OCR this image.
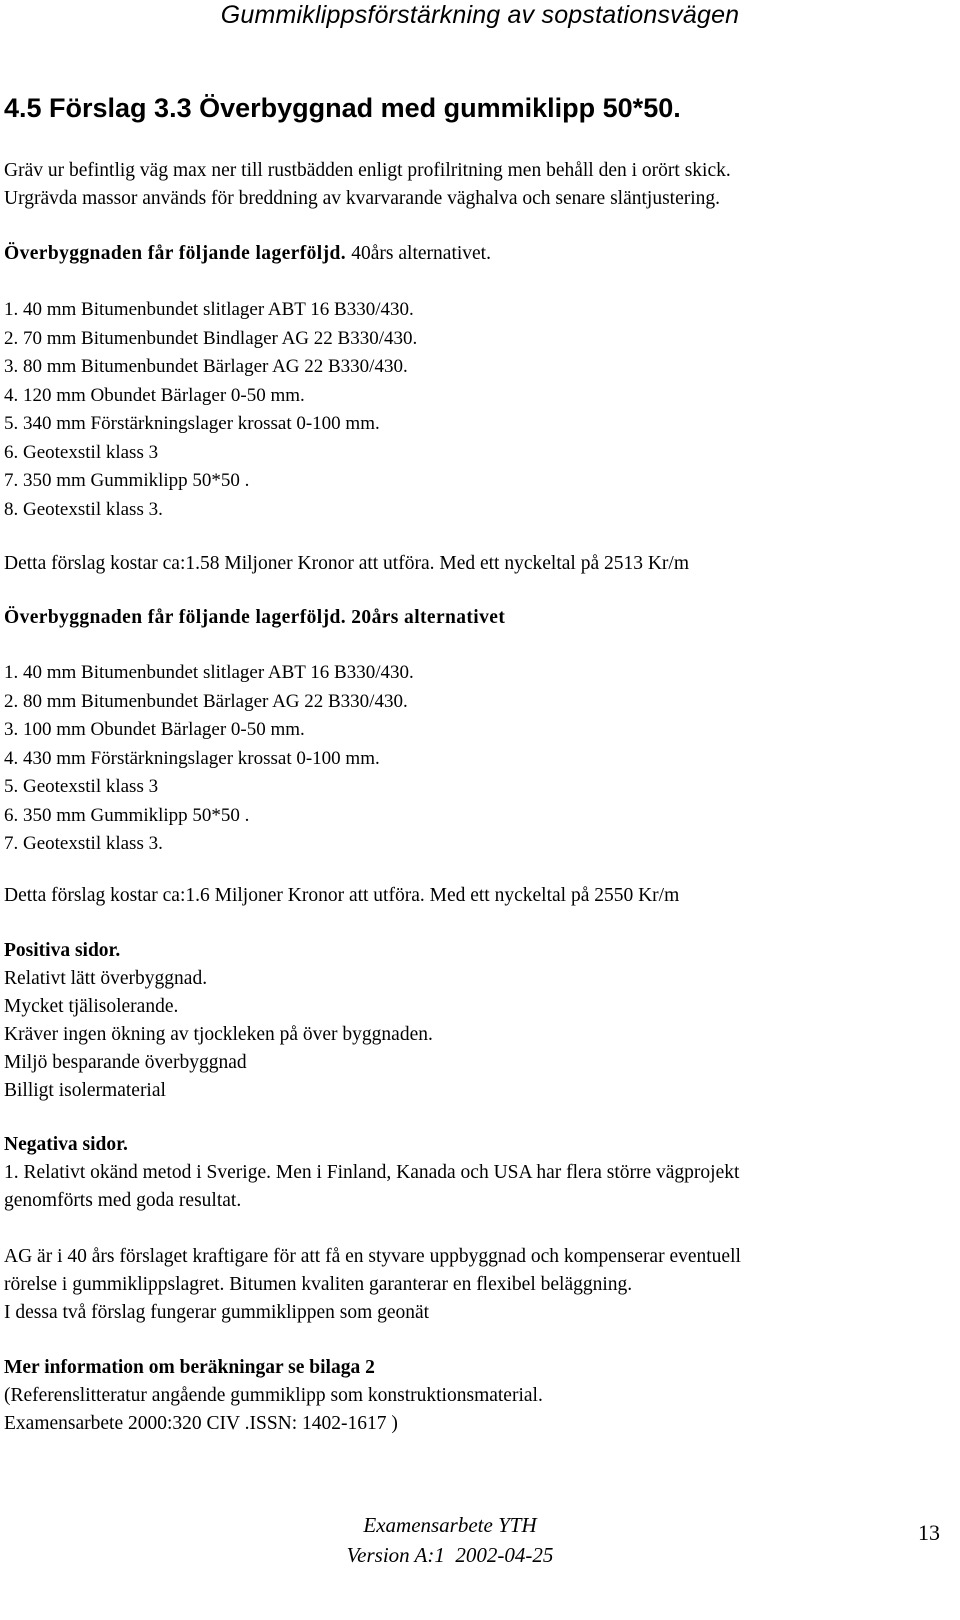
Gummiklippsförstärkning av sopstationsvägen
4.5 Förslag 3.3 Överbyggnad med gummiklipp 50*50.
Gräv ur befintlig väg max ner till rustbädden enligt profilritning men behåll den i orört skick.
Urgrävda massor används för breddning av kvarvarande väghalva och senare släntjustering.
Överbyggnaden får följande lagerföljd. 40års alternativet.
1. 40 mm Bitumenbundet slitlager ABT 16 B330/430.
2. 70 mm Bitumenbundet Bindlager AG 22 B330/430.
3. 80 mm Bitumenbundet Bärlager AG 22 B330/430.
4. 120 mm Obundet Bärlager 0-50 mm.
5. 340 mm Förstärkningslager krossat 0-100 mm.
6. Geotexstil klass 3
7. 350 mm Gummiklipp 50*50 .
8. Geotexstil klass 3.
Detta förslag kostar ca:1.58 Miljoner Kronor att utföra. Med ett nyckeltal på 2513 Kr/m
Överbyggnaden får följande lagerföljd. 20års alternativet
1. 40 mm Bitumenbundet slitlager ABT 16 B330/430.
2. 80 mm Bitumenbundet Bärlager AG 22 B330/430.
3. 100 mm Obundet Bärlager 0-50 mm.
4. 430 mm Förstärkningslager krossat 0-100 mm.
5. Geotexstil klass 3
6. 350 mm Gummiklipp 50*50 .
7. Geotexstil klass 3.
Detta förslag kostar ca:1.6 Miljoner Kronor att utföra. Med ett nyckeltal på 2550 Kr/m
Positiva sidor.
Relativt lätt överbyggnad.
Mycket tjälisolerande.
Kräver ingen ökning av tjockleken på över byggnaden.
Miljö besparande överbyggnad
Billigt isolermaterial
Negativa sidor.
1. Relativt okänd metod i Sverige. Men i Finland, Kanada och USA har flera större vägprojekt
genomförts med goda resultat.
AG är i 40 års förslaget kraftigare för att få en styvare uppbyggnad och kompenserar eventuell
rörelse i gummiklippslagret. Bitumen kvaliten garanterar en flexibel beläggning.
I dessa två förslag fungerar gummiklippen som geonät
Mer information om beräkningar se bilaga 2
(Referenslitteratur angående gummiklipp som konstruktionsmaterial.
Examensarbete 2000:320 CIV .ISSN: 1402-1617 )
Examensarbete YTH
Version A:1  2002-04-25
13
